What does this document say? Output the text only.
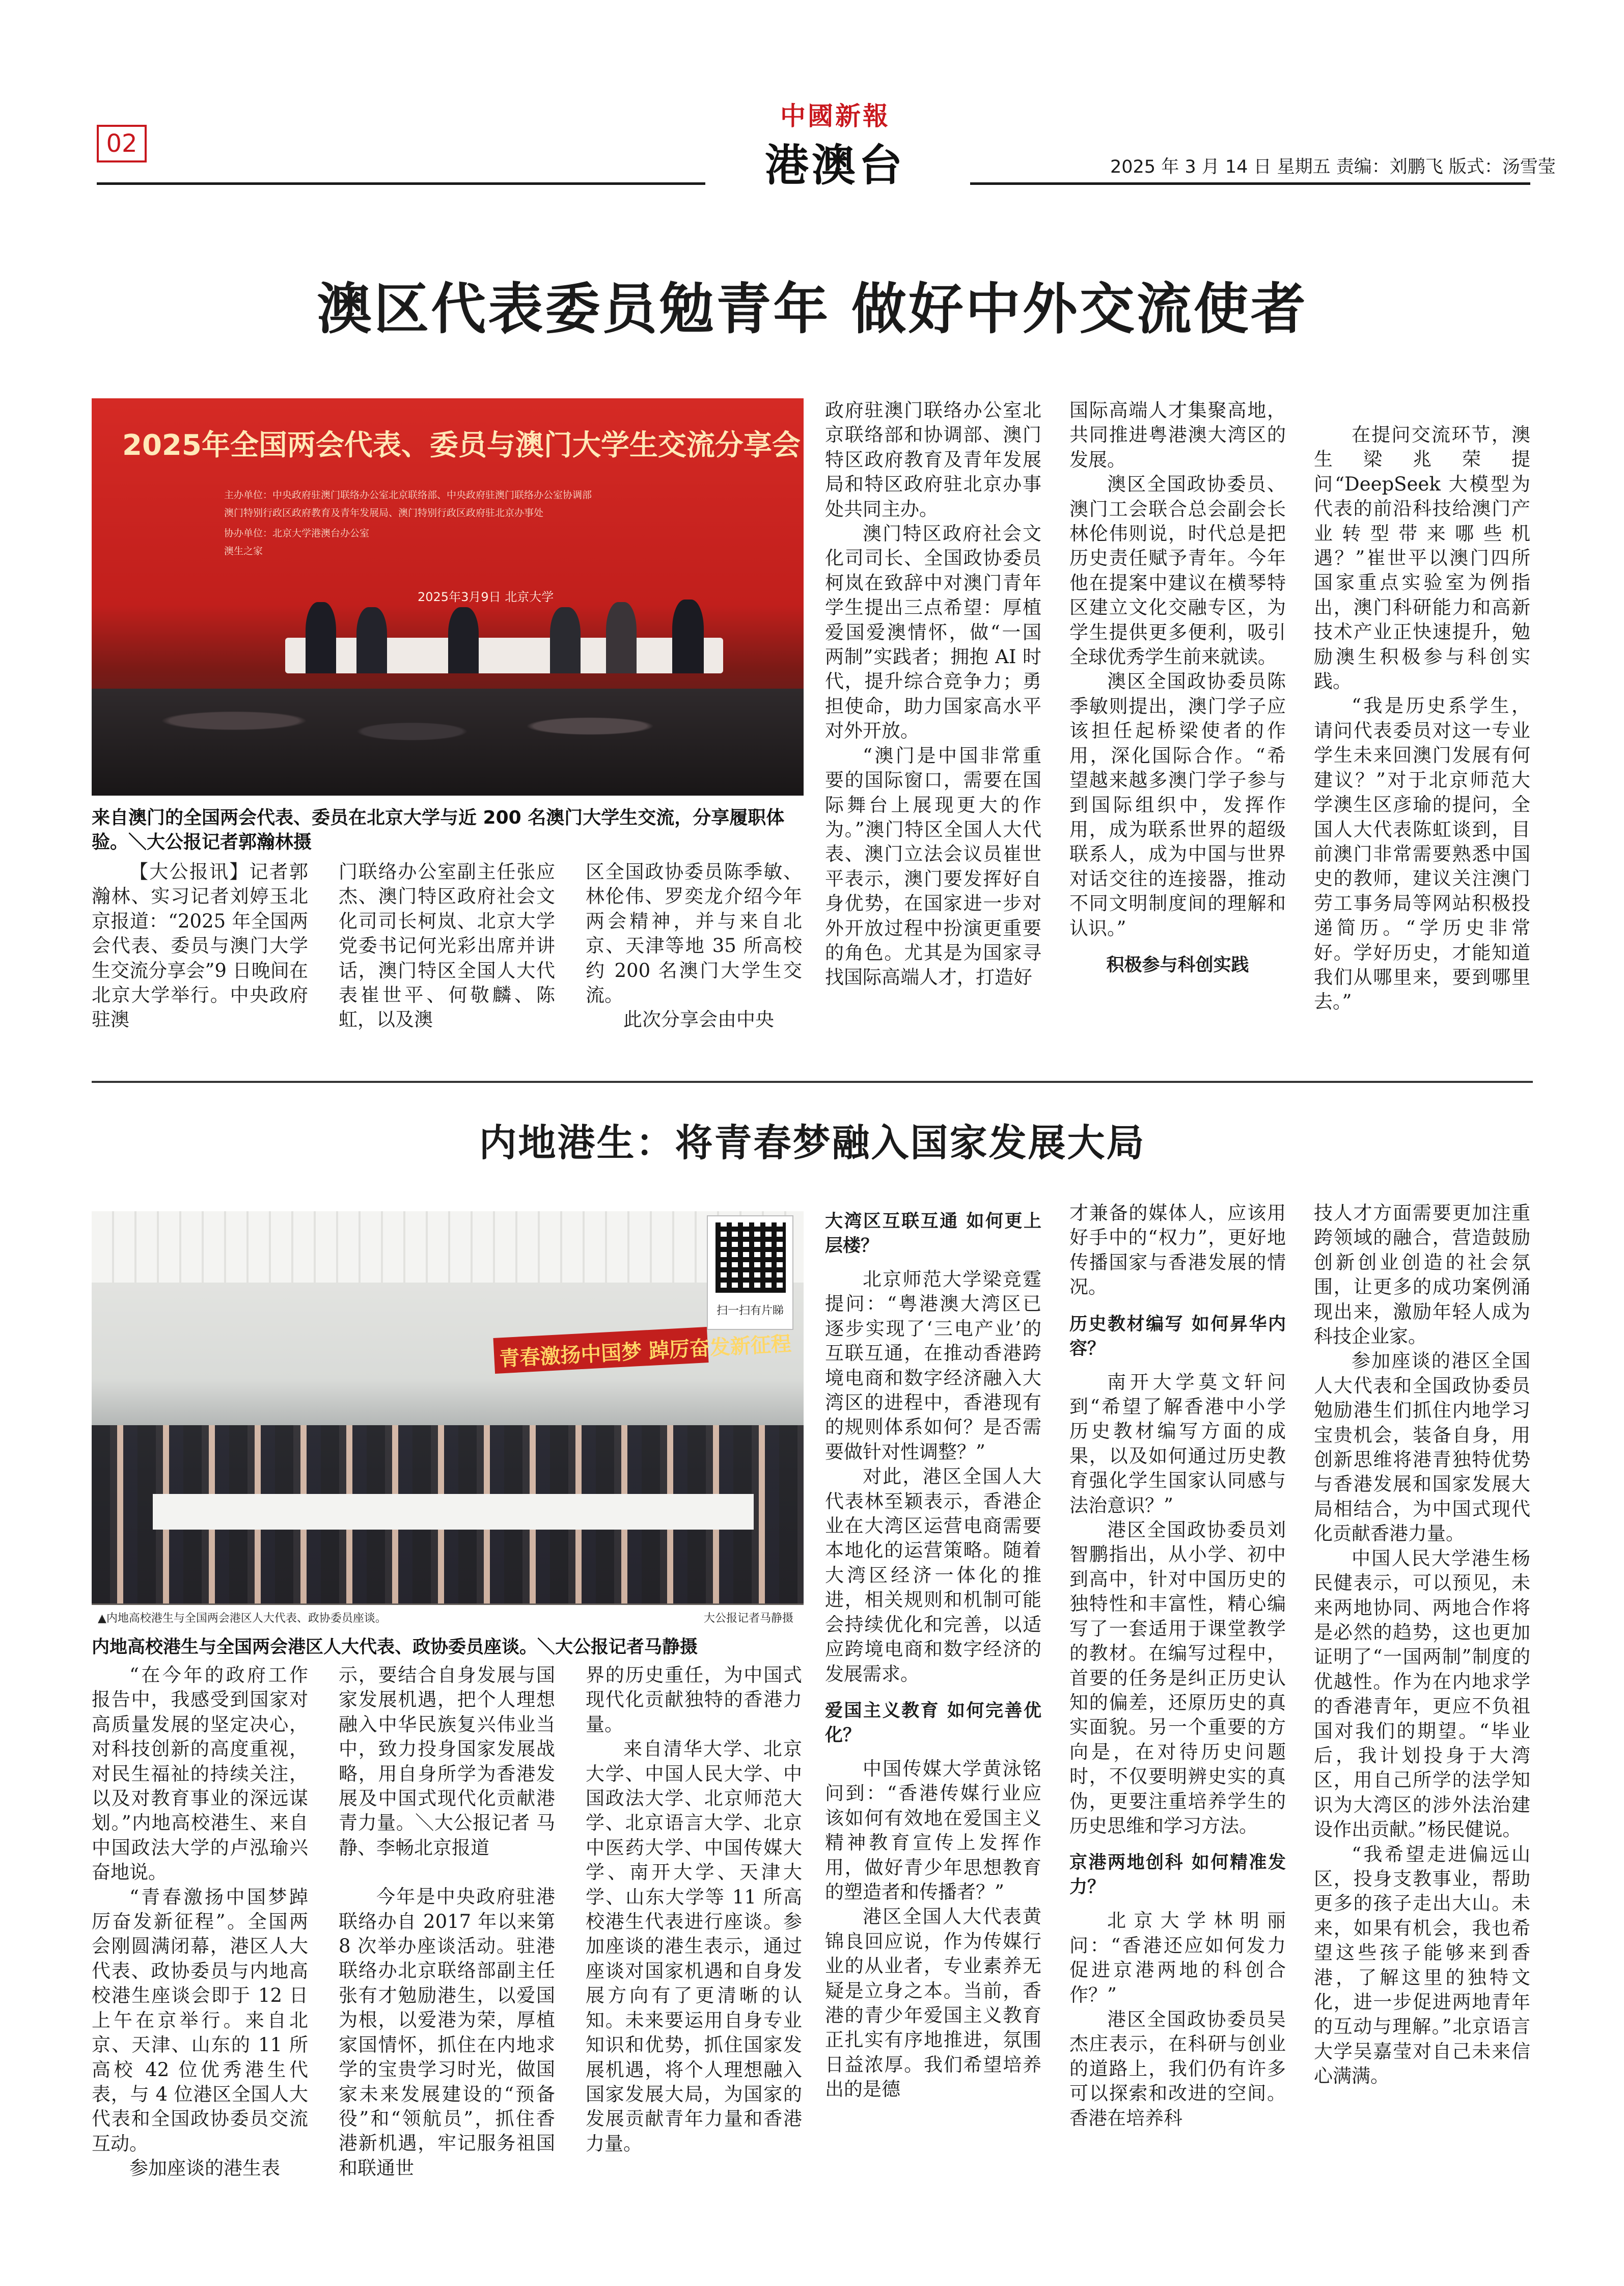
中國新報
02	港澳台	2025 年 3 月 14 日 星期五 责编：刘鹏飞 版式：汤雪莹
澳区代表委员勉青年 做好中外交流使者
2025年全国两会代表、委员与澳门大学生交流分享会
主办单位：中央政府驻澳门联络办公室北京联络部、中央政府驻澳门联络办公室协调部
澳门特别行政区政府教育及青年发展局、澳门特别行政区政府驻北京办事处
协办单位：北京大学港澳台办公室
澳生之家
2025年3月9日 北京大学
来自澳门的全国两会代表、委员在北京大学与近 200 名澳门大学生交流，分享履职体验。＼大公报记者郭瀚林摄

【大公报讯】记者郭瀚林、实习记者刘婷玉北京报道：“2025 年全国两会代表、委员与澳门大学生交流分享会”9 日晚间在北京大学举行。中央政府驻澳

门联络办公室副主任张应杰、澳门特区政府社会文化司司长柯岚、北京大学党委书记何光彩出席并讲话，澳门特区全国人大代表崔世平、何敬麟、陈虹，以及澳

区全国政协委员陈季敏、林伦伟、罗奕龙介绍今年两会精神，并与来自北京、天津等地 35 所高校约 200 名澳门大学生交流。

此次分享会由中央

政府驻澳门联络办公室北京联络部和协调部、澳门特区政府教育及青年发展局和特区政府驻北京办事处共同主办。

澳门特区政府社会文化司司长、全国政协委员柯岚在致辞中对澳门青年学生提出三点希望：厚植爱国爱澳情怀，做“一国两制”实践者；拥抱 AI 时代，提升综合竞争力；勇担使命，助力国家高水平对外开放。

“澳门是中国非常重要的国际窗口，需要在国际舞台上展现更大的作为。”澳门特区全国人大代表、澳门立法会议员崔世平表示，澳门要发挥好自身优势，在国家进一步对外开放过程中扮演更重要的角色。尤其是为国家寻找国际高端人才，打造好

国际高端人才集聚高地，共同推进粤港澳大湾区的发展。

澳区全国政协委员、澳门工会联合总会副会长林伦伟则说，时代总是把历史责任赋予青年。今年他在提案中建议在横琴特区建立文化交融专区，为学生提供更多便利，吸引全球优秀学生前来就读。

澳区全国政协委员陈季敏则提出，澳门学子应该担任起桥梁使者的作用，深化国际合作。“希望越来越多澳门学子参与到国际组织中，发挥作用，成为联系世界的超级联系人，成为中国与世界对话交往的连接器，推动不同文明制度间的理解和认识。”

积极参与科创实践

在提问交流环节，澳生梁兆荣提问“DeepSeek 大模型为代表的前沿科技给澳门产业转型带来哪些机遇？”崔世平以澳门四所国家重点实验室为例指出，澳门科研能力和高新技术产业正快速提升，勉励澳生积极参与科创实践。

“我是历史系学生，请问代表委员对这一专业学生未来回澳门发展有何建议？”对于北京师范大学澳生区彦瑜的提问，全国人大代表陈虹谈到，目前澳门非常需要熟悉中国史的教师，建议关注澳门劳工事务局等网站积极投递简历。“学历史非常好。学好历史，才能知道我们从哪里来，要到哪里去。”

内地港生：将青春梦融入国家发展大局
扫一扫有片睇
青春激扬中国梦 踔厉奋发新征程
▲内地高校港生与全国两会港区人大代表、政协委员座谈。	大公报记者马静摄
内地高校港生与全国两会港区人大代表、政协委员座谈。＼大公报记者马静摄

“在今年的政府工作报告中，我感受到国家对高质量发展的坚定决心，对科技创新的高度重视，对民生福祉的持续关注，以及对教育事业的深远谋划。”内地高校港生、来自中国政法大学的卢泓瑜兴奋地说。

“青春激扬中国梦踔厉奋发新征程”。全国两会刚圆满闭幕，港区人大代表、政协委员与内地高校港生座谈会即于 12 日上午在京举行。来自北京、天津、山东的 11 所高校 42 位优秀港生代表，与 4 位港区全国人大代表和全国政协委员交流互动。

参加座谈的港生表

示，要结合自身发展与国家发展机遇，把个人理想融入中华民族复兴伟业当中，致力投身国家发展战略，用自身所学为香港发展及中国式现代化贡献港青力量。＼大公报记者 马静、李畅北京报道

今年是中央政府驻港联络办自 2017 年以来第 8 次举办座谈活动。驻港联络办北京联络部副主任张有才勉励港生，以爱国为根，以爱港为荣，厚植家国情怀，抓住在内地求学的宝贵学习时光，做国家未来发展建设的“预备役”和“领航员”，抓住香港新机遇，牢记服务祖国和联通世

界的历史重任，为中国式现代化贡献独特的香港力量。

来自清华大学、北京大学、中国人民大学、中国政法大学、北京师范大学、北京语言大学、北京中医药大学、中国传媒大学、南开大学、天津大学、山东大学等 11 所高校港生代表进行座谈。参加座谈的港生表示，通过座谈对国家机遇和自身发展方向有了更清晰的认知。未来要运用自身专业知识和优势，抓住国家发展机遇，将个人理想融入国家发展大局，为国家的发展贡献青年力量和香港力量。

大湾区互联互通 如何更上层楼？

北京师范大学梁竞霆提问：“粤港澳大湾区已逐步实现了‘三电产业’的互联互通，在推动香港跨境电商和数字经济融入大湾区的进程中，香港现有的规则体系如何？是否需要做针对性调整？”

对此，港区全国人大代表林至颖表示，香港企业在大湾区运营电商需要本地化的运营策略。随着大湾区经济一体化的推进，相关规则和机制可能会持续优化和完善，以适应跨境电商和数字经济的发展需求。

爱国主义教育 如何完善优化？

中国传媒大学黄泳铭问到：“香港传媒行业应该如何有效地在爱国主义精神教育宣传上发挥作用，做好青少年思想教育的塑造者和传播者？”

港区全国人大代表黄锦良回应说，作为传媒行业的从业者，专业素养无疑是立身之本。当前，香港的青少年爱国主义教育正扎实有序地推进，氛围日益浓厚。我们希望培养出的是德

才兼备的媒体人，应该用好手中的“权力”，更好地传播国家与香港发展的情况。

历史教材编写 如何昇华内容？

南开大学莫文轩问到“希望了解香港中小学历史教材编写方面的成果，以及如何通过历史教育强化学生国家认同感与法治意识？”

港区全国政协委员刘智鹏指出，从小学、初中到高中，针对中国历史的独特性和丰富性，精心编写了一套适用于课堂教学的教材。在编写过程中，首要的任务是纠正历史认知的偏差，还原历史的真实面貌。另一个重要的方向是，在对待历史问题时，不仅要明辨史实的真伪，更要注重培养学生的历史思维和学习方法。

京港两地创科 如何精准发力？

北京大学林明丽问：“香港还应如何发力促进京港两地的科创合作？”

港区全国政协委员吴杰庄表示，在科研与创业的道路上，我们仍有许多可以探索和改进的空间。香港在培养科

技人才方面需要更加注重跨领域的融合，营造鼓励创新创业创造的社会氛围，让更多的成功案例涌现出来，激励年轻人成为科技企业家。

参加座谈的港区全国人大代表和全国政协委员勉励港生们抓住内地学习宝贵机会，装备自身，用创新思维将港青独特优势与香港发展和国家发展大局相结合，为中国式现代化贡献香港力量。

中国人民大学港生杨民健表示，可以预见，未来两地协同、两地合作将是必然的趋势，这也更加证明了“一国两制”制度的优越性。作为在内地求学的香港青年，更应不负祖国对我们的期望。“毕业后，我计划投身于大湾区，用自己所学的法学知识为大湾区的涉外法治建设作出贡献。”杨民健说。

“我希望走进偏远山区，投身支教事业，帮助更多的孩子走出大山。未来，如果有机会，我也希望这些孩子能够来到香港，了解这里的独特文化，进一步促进两地青年的互动与理解。”北京语言大学吴嘉莹对自己未来信心满满。
